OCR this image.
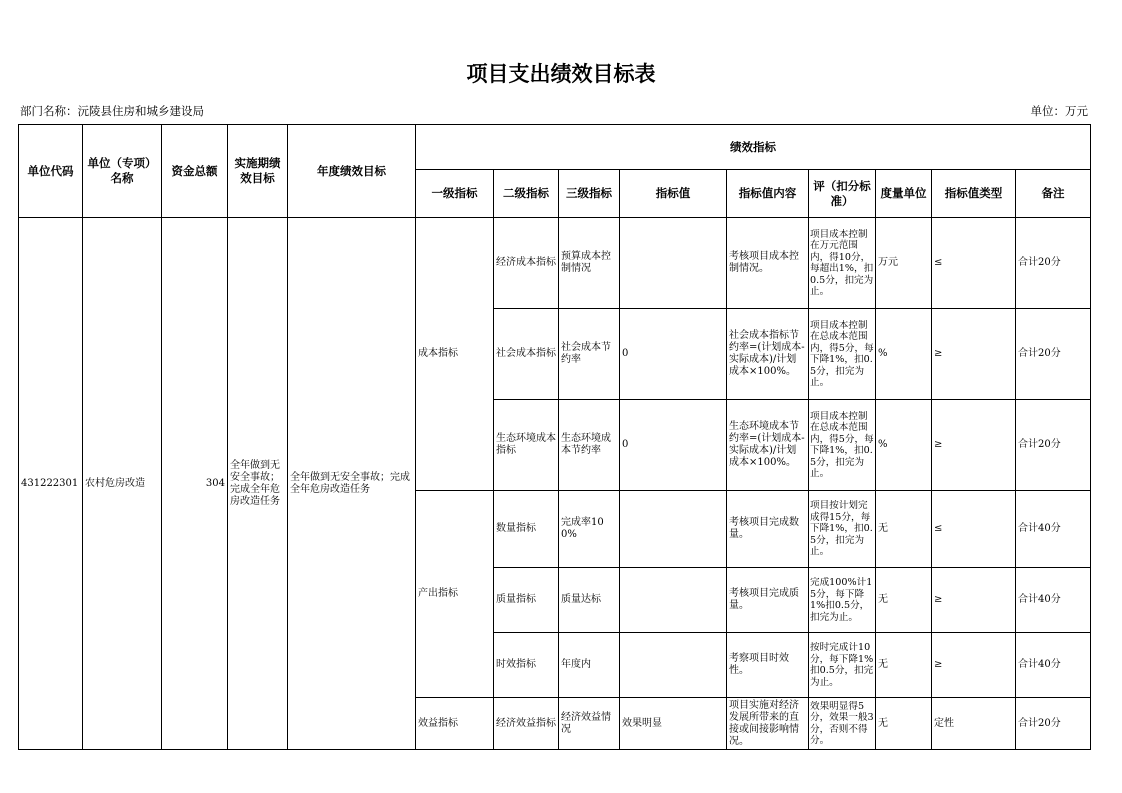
项目支出绩效目标表
部门名称：沅陵县住房和城乡建设局	单位：万元
单位代码	单位（专项）名称	资金总额	实施期绩效目标	年度绩效目标	绩效指标								
					一级指标	二级指标	三级指标	指标值	指标值内容	评（扣分标准）	度量单位	指标值类型	备注
431222301	农村危房改造	304	全年做到无安全事故；完成全年危房改造任务	全年做到无安全事故；完成全年危房改造任务	成本指标	经济成本指标	预算成本控制情况		考核项目成本控制情况。	项目成本控制在万元范围内，得10分，每超出1%，扣0.5分，扣完为止。	万元	≤	合计20分
						社会成本指标	社会成本节约率	0	社会成本指标节约率=(计划成本-实际成本)/计划成本×100%。	项目成本控制在总成本范围内，得5分，每下降1%，扣0.5分，扣完为止。	%	≥	合计20分
						生态环境成本指标	生态环境成本节约率	0	生态环境成本节约率=(计划成本-实际成本)/计划成本×100%。	项目成本控制在总成本范围内，得5分，每下降1%，扣0.5分，扣完为止。	%	≥	合计20分
					产出指标	数量指标	完成率100%		考核项目完成数量。	项目按计划完成得15分，每下降1%，扣0.5分，扣完为止。	无	≤	合计40分
						质量指标	质量达标		考核项目完成质量。	完成100%计15分，每下降1%扣0.5分，扣完为止。	无	≥	合计40分
						时效指标	年度内		考察项目时效性。	按时完成计10分，每下降1%扣0.5分，扣完为止。	无	≥	合计40分
					效益指标	经济效益指标	经济效益情况	效果明显	项目实施对经济发展所带来的直接或间接影响情况。	效果明显得5分，效果一般3分，否则不得分。	无	定性	合计20分
